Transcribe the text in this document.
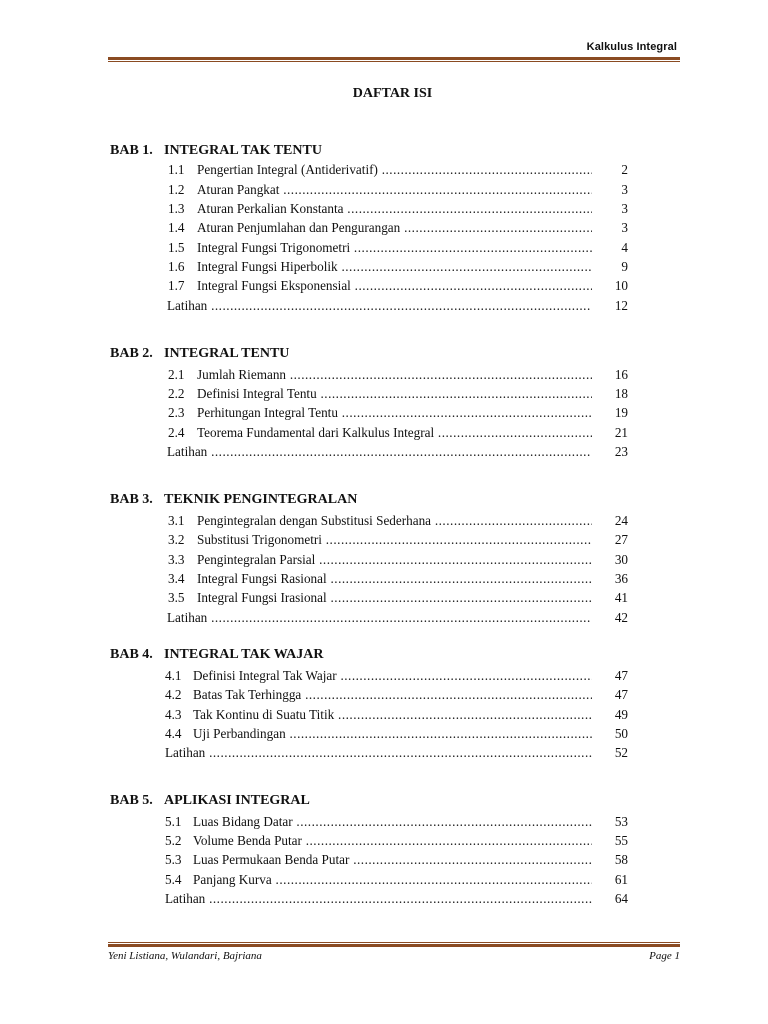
Kalkulus Integral
DAFTAR ISI
BAB 1. INTEGRAL TAK TENTU
1.1 Pengertian Integral (Antiderivatif) .....	2
1.2 Aturan Pangkat .....	3
1.3 Aturan Perkalian Konstanta .....	3
1.4 Aturan Penjumlahan dan Pengurangan .....	3
1.5 Integral Fungsi Trigonometri .....	4
1.6 Integral Fungsi Hiperbolik .....	9
1.7 Integral Fungsi Eksponensial .....	10
Latihan .....	12
BAB 2. INTEGRAL TENTU
2.1 Jumlah Riemann .....	16
2.2 Definisi Integral Tentu .....	18
2.3 Perhitungan Integral Tentu .....	19
2.4 Teorema Fundamental dari Kalkulus Integral .....	21
Latihan .....	23
BAB 3. TEKNIK PENGINTEGRALAN
3.1 Pengintegralan dengan Substitusi Sederhana .....	24
3.2 Substitusi Trigonometri .....	27
3.3 Pengintegralan Parsial .....	30
3.4 Integral Fungsi Rasional .....	36
3.5 Integral Fungsi Irasional .....	41
Latihan .....	42
BAB 4. INTEGRAL TAK WAJAR
4.1 Definisi Integral Tak Wajar .....	47
4.2 Batas Tak Terhingga .....	47
4.3 Tak Kontinu di Suatu Titik .....	49
4.4 Uji Perbandingan .....	50
Latihan .....	52
BAB 5. APLIKASI INTEGRAL
5.1 Luas Bidang Datar .....	53
5.2 Volume Benda Putar .....	55
5.3 Luas Permukaan Benda Putar .....	58
5.4 Panjang Kurva .....	61
Latihan .....	64
Yeni Listiana, Wulandari, Bajriana	Page 1
